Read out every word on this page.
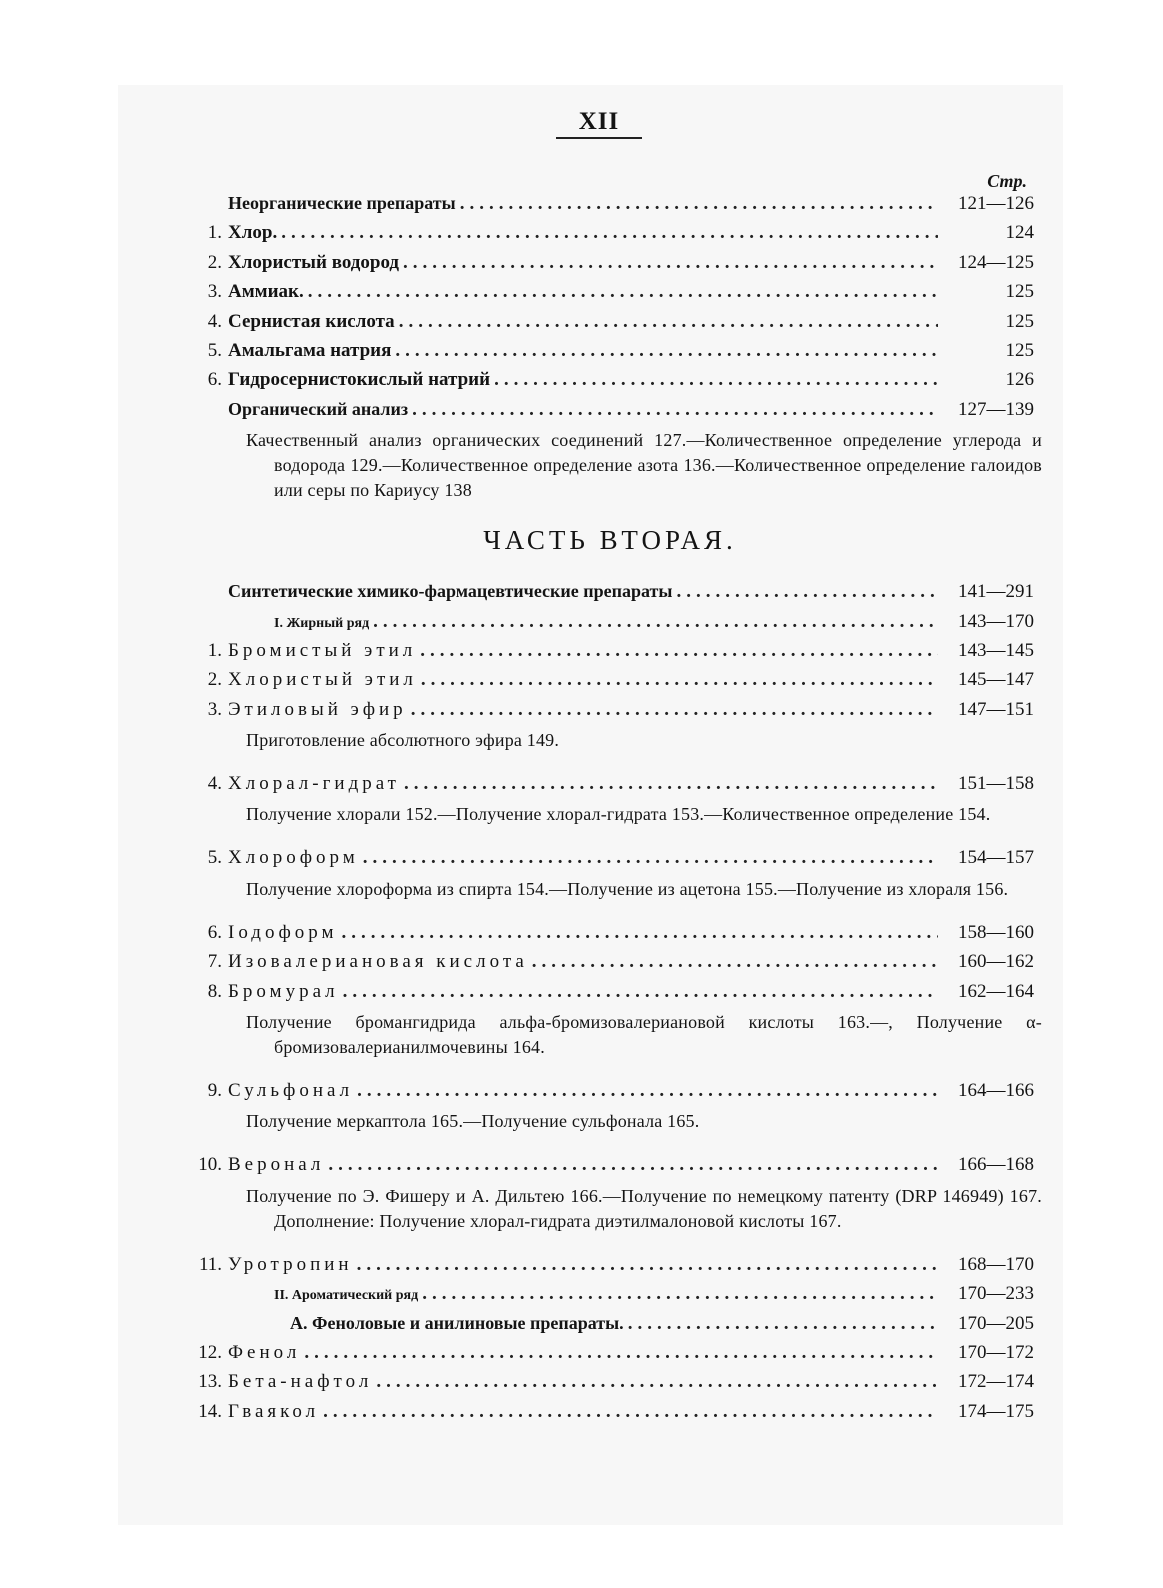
XII
Стр.
Неорганические препараты .....	121—126
1. Хлор. .....	124
2. Хлористый водород .....	124—125
3. Аммиак. .....	125
4. Сернистая кислота .....	125
5. Амальгама натрия .....	125
6. Гидросернистокислый натрий .....	126
Органический анализ .....	127—139
Качественный анализ органических соединений 127.—Количественное определение углерода и водорода 129.—Количественное определение азота 136.—Количественное определение галоидов или серы по Кариусу 138
ЧАСТЬ ВТОРАЯ.
Синтетические химико-фармацевтические препараты .....	141—291
I. Жирный ряд .....	143—170
1. Бромистый этил .....	143—145
2. Хлористый этил .....	145—147
3. Этиловый эфир .....	147—151
Приготовление абсолютного эфира 149.
4. Хлорал-гидрат .....	151—158
Получение хлорали 152.—Получение хлорал-гидрата 153.—Количественное определение 154.
5. Хлороформ .....	154—157
Получение хлороформа из спирта 154.—Получение из ацетона 155.—Получение из хлораля 156.
6. Іодоформ .....	158—160
7. Изовалериановая кислота .....	160—162
8. Бромурал .....	162—164
Получение бромангидрида альфа-бромизовалериановой кислоты 163.—, Получение α-бромизовалерианилмочевины 164.
9. Сульфонал .....	164—166
Получение меркаптола 165.—Получение сульфонала 165.
10. Веронал .....	166—168
Получение по Э. Фишеру и А. Дильтею 166.—Получение по немецкому патенту (DRP 146949) 167. Дополнение: Получение хлорал-гидрата диэтилмалоновой кислоты 167.
11. Уротропин .....	168—170
II. Ароматический ряд .....	170—233
А. Фенoловые и анилиновые препараты. .....	170—205
12. Фенол .....	170—172
13. Бета-нафтол .....	172—174
14. Гваякол .....	174—175
